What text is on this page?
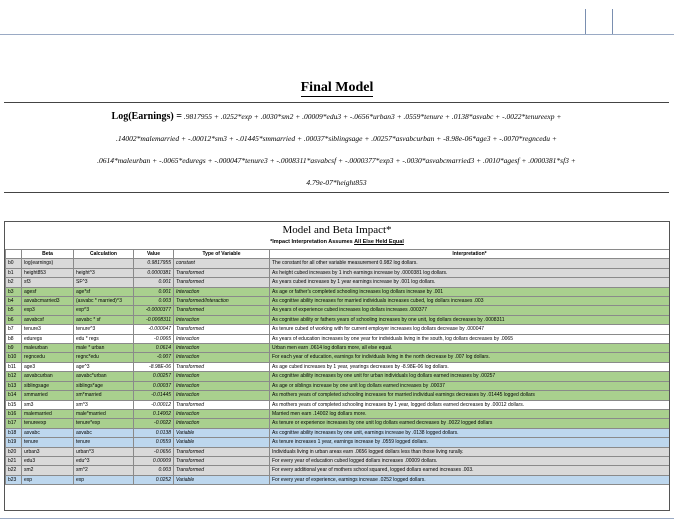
Final Model
Log(Earnings) = .9817955 + .0252*exp + .0030*sm2 + .00009*edu3 + -.0656*urban3 + .0559*tenure + .0138*asvabc + -.0022*tenureexp +
.14002*malemarried + -.00012*sm3 + -.01445*smmarried + .00037*siblingsage + .00257*asvabcurban + -8.98e-06*age3 + -.0070*regncedu +
.0614*maleurban + -.0065*eduregs + -.000047*tenure3 + -.0008311*asvabcsf + -.0000377*exp3 + -.0030*asvabcmarried3 + .0010*agesf + .0000381*sf3 +
4.79e-07*height853
Model and Beta Impact*
*Impact Interpretation Assumes All Else Held Equal
	Beta	Calculation	Value	Type of Variable	Interpretation*
b0	log(earnings)		0.9817955	constant	The constant for all other variable measurement 0.982 log dollars.
b1	height853	height^3	0.0000381	Transformed	As height cubed increases by 1 inch earnings increase by .0000381 log dollars.
b2	sf3	SF^3	0.001	Transformed	As years cubed increases by 1 year earnings increase by .001 log dollars.
b3	agesf	age*sf	0.001	Interaction	As age or father's completed schooling increases log dollars increase by .001
b4	asvabcmarried3	(asvabc * married)^3	0.003	Transformed/Interaction	As cognitive ability increases for married individuals increases cubed, log dollars increases .003
b5	exp3	exp^3	-0.0000377	Transformed	As years of experience cubed increases log dollars increases .000377
b6	asvabcsf	asvabc * sf	-0.0008311	Interaction	As cognitive ability or fathers years of schooling increases by one unit, log dollars decreases by .0008311
b7	tenure3	tenure^3	-0.000047	Transformed	As tenure cubed of working with for current employer increases log dollars decrease by .000047
b8	eduregs	edu * regs	-0.0065	Interaction	As years of education increases by one year for individuals living in the south, log dollars decreases by .0065
b9	maleurban	male * urban	0.0614	Interaction	Urban men earn .0614 log dollars more, all else equal.
b10	regncedu	regnc*edu	-0.007	Interaction	For each year of education, earnings for individuals living in the north decrease by .007 log dollars.
b11	age3	age^3	-8.98E-06	Transformed	As age cubed increases by 1 year, yearings decreases by -8.98E-06 log dollars.
b12	asvabcurban	asvabc*urban	0.00257	Interaction	As cognitive ability increases by one unit for urban individuals log dollars earned increases by .00257
b13	siblingsage	siblings*age	0.00037	Interaction	As age or siblings increase by one unit log dollars earned increases by .00037
b14	smmarried	sm*married	-0.01445	Interaction	As mothers years of completed schooling increases for married individual earnings decreases by .01445 logged dollars
b15	sm3	sm^3	-0.00012	Transformed	As mothers years of completed schooling increases by 1 year, logged dollars earned decreases by .00012 dollars.
b16	malemarried	male*married	0.14002	Interaction	Married men earn .14002 log dollars more.
b17	tenureexp	tenure*exp	-0.0022	Interaction	As tenure or experience increases by one unit log dollars earned decreases by .0022 logged dollars
b18	asvabc	asvabc	0.0138	Variable	As cognitive ability increases by one unit, earnings increase by .0138 logged dollars.
b19	tenure	tenure	0.0559	Variable	As tenure increases 1 year, earnings increase by .0559 logged dollars.
b20	urban3	urban^3	-0.0656	Transformed	Individuals living in urban areas earn .0656 logged dollars less than those living rurally.
b21	edu3	edu^3	0.00009	Transformed	For every year of education cubed logged dollars increases .00009 dollars.
b22	sm2	sm^2	0.003	Transformed	For every additional year of mothers school squared, logged dollars earned increases .003.
b23	exp	exp	0.0252	Variable	For every year of experience, earnings increase .0252 logged dollars.
